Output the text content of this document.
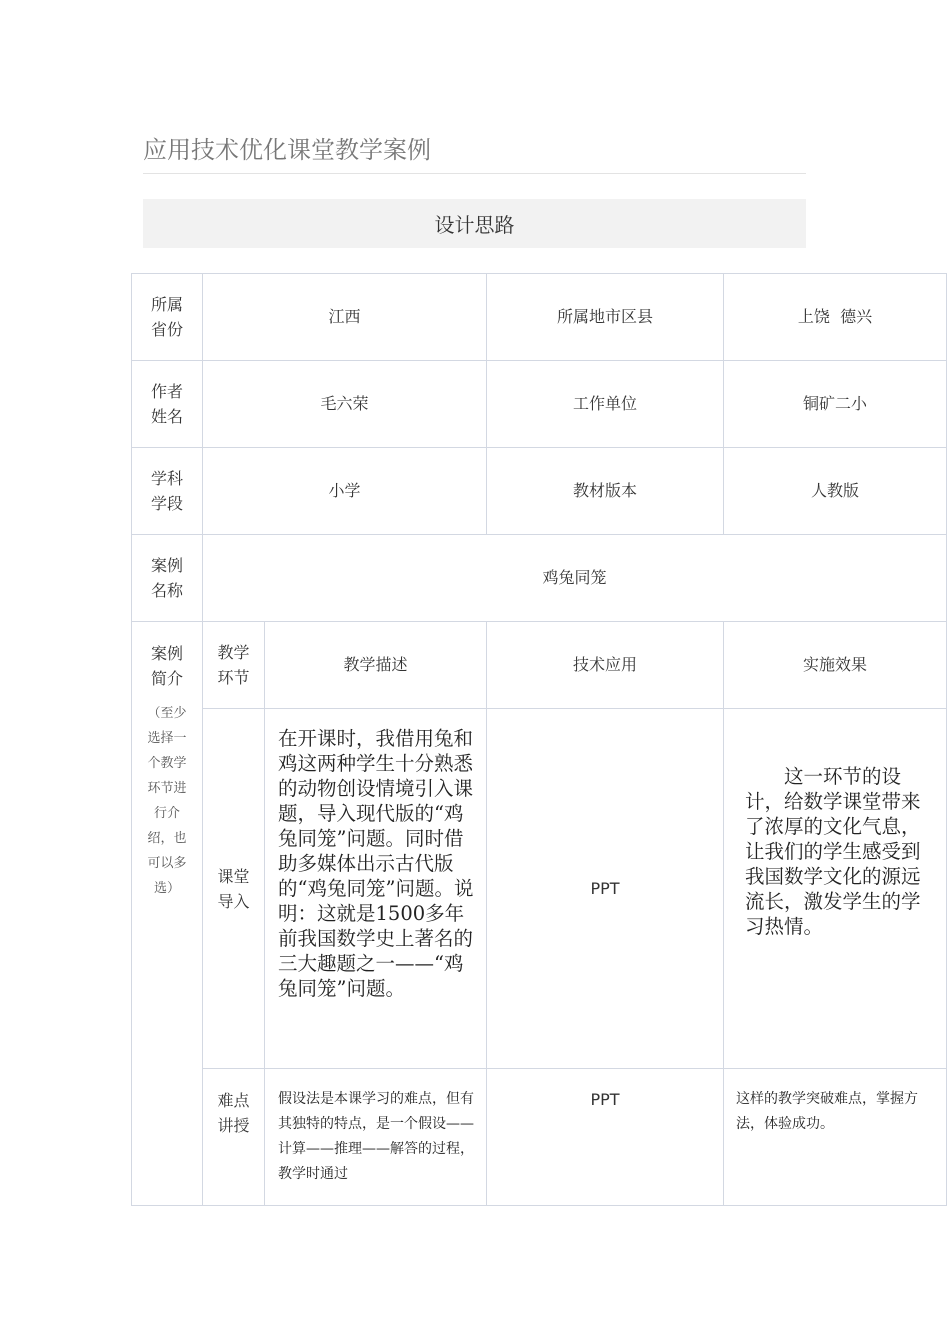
应用技术优化课堂教学案例
设计思路
所属省份	江西		所属地市区县	上饶  德兴
作者姓名	毛六荣		工作单位	铜矿二小
学科学段	小学		教材版本	人教版
案例名称	鸡兔同笼			
案例简介
（至少选择一个教学环节进行介绍，也可以多选）	教学环节	教学描述	技术应用	实施效果
	课堂导入	在开课时，我借用兔和鸡这两种学生十分熟悉的动物创设情境引入课题，导入现代版的“鸡兔同笼”问题。同时借助多媒体出示古代版的“鸡兔同笼”问题。说明：这就是1500多年前我国数学史上著名的三大趣题之一——“鸡兔同笼”问题。	PPT	这一环节的设计，给数学课堂带来了浓厚的文化气息，让我们的学生感受到我国数学文化的源远流长，激发学生的学习热情。

	难点讲授	假设法是本课学习的难点，但有其独特的特点，是一个假设——计算——推理——解答的过程，教学时通过	PPT	这样的教学突破难点，掌握方法，体验成功。
